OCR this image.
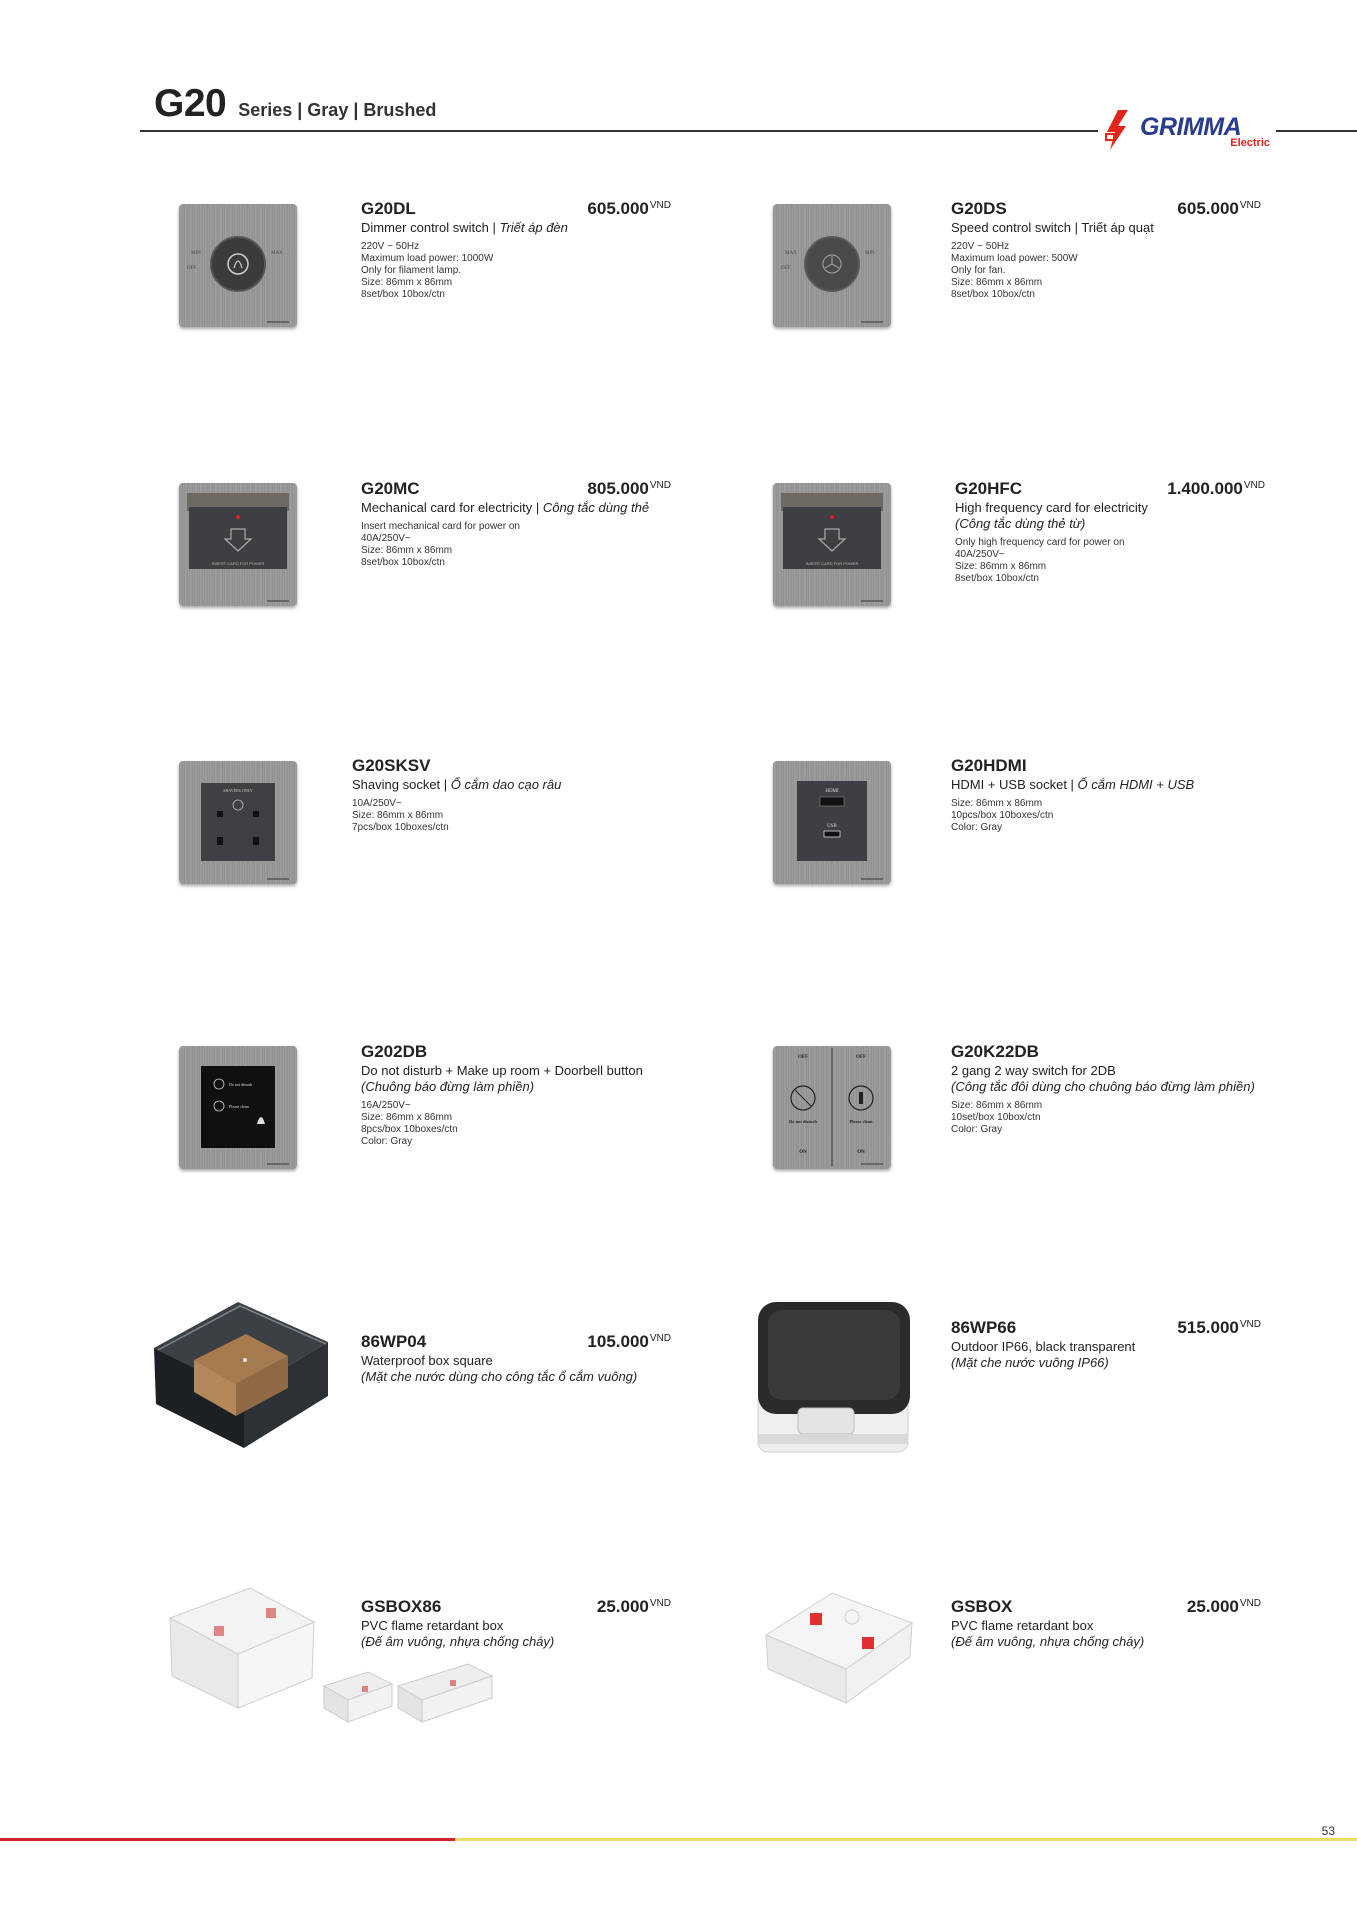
G20 Series | Gray | Brushed
GRIMMA
Electric
MIN	MAX
OFF
G20DL	$605.000^{VND}$
Dimmer control switch | Triết áp đèn
220V ~ 50Hz
Maximum load power: 1000W
Only for filament lamp.
Size: 86mm x 86mm
8set/box 10box/ctn
MAX	MIN
OFF
G20DS	$605.000^{VND}$
Speed control switch | Triết áp quạt
220V ~ 50Hz
Maximum load power: 500W
Only for fan.
Size: 86mm x 86mm
8set/box 10box/ctn
INSERT CARD FOR POWER
G20MC	$805.000^{VND}$
Mechanical card for electricity | Công tắc dùng thẻ
Insert mechanical card for power on
40A/250V~
Size: 86mm x 86mm
8set/box 10box/ctn	INSERT CARD FOR POWER
G20HFC	$1.400.000^{VND}$
High frequency card for electricity
(Công tắc dùng thẻ từ)
Only high frequency card for power on
40A/250V~
Size: 86mm x 86mm
8set/box 10box/ctn
SHAVERS ONLY
G20SKSV
Shaving socket | Ổ cắm dao cạo râu
10A/250V~
Size: 86mm x 86mm
7pcs/box 10boxes/ctn
HDMI
USB
G20HDMI
HDMI + USB socket | Ổ cắm HDMI + USB
Size: 86mm x 86mm
10pcs/box 10boxes/ctn
Color: Gray
Do not disturb
Please clean
G202DB
Do not disturb + Make up room + Doorbell button
(Chuông báo đừng làm phiền)
16A/250V~
Size: 86mm x 86mm
8pcs/box 10boxes/ctn
Color: Gray
OFF	OFF
Do not disturb	Please clean
ON	ON
G20K22DB
2 gang 2 way switch for 2DB
(Công tắc đôi dùng cho chuông báo đừng làm phiền)
Size: 86mm x 86mm
10set/box 10box/ctn
Color: Gray
86WP04	$105.000^{VND}$
Waterproof box square
(Mặt che nước dùng cho công tắc ổ cắm vuông)
86WP66	$515.000^{VND}$
Outdoor IP66, black transparent
(Mặt che nước vuông IP66)
GSBOX86	$25.000^{VND}$
PVC flame retardant box
(Đế âm vuông, nhựa chống cháy)
GSBOX	$25.000^{VND}$
PVC flame retardant box
(Đế âm vuông, nhựa chống cháy)
53
